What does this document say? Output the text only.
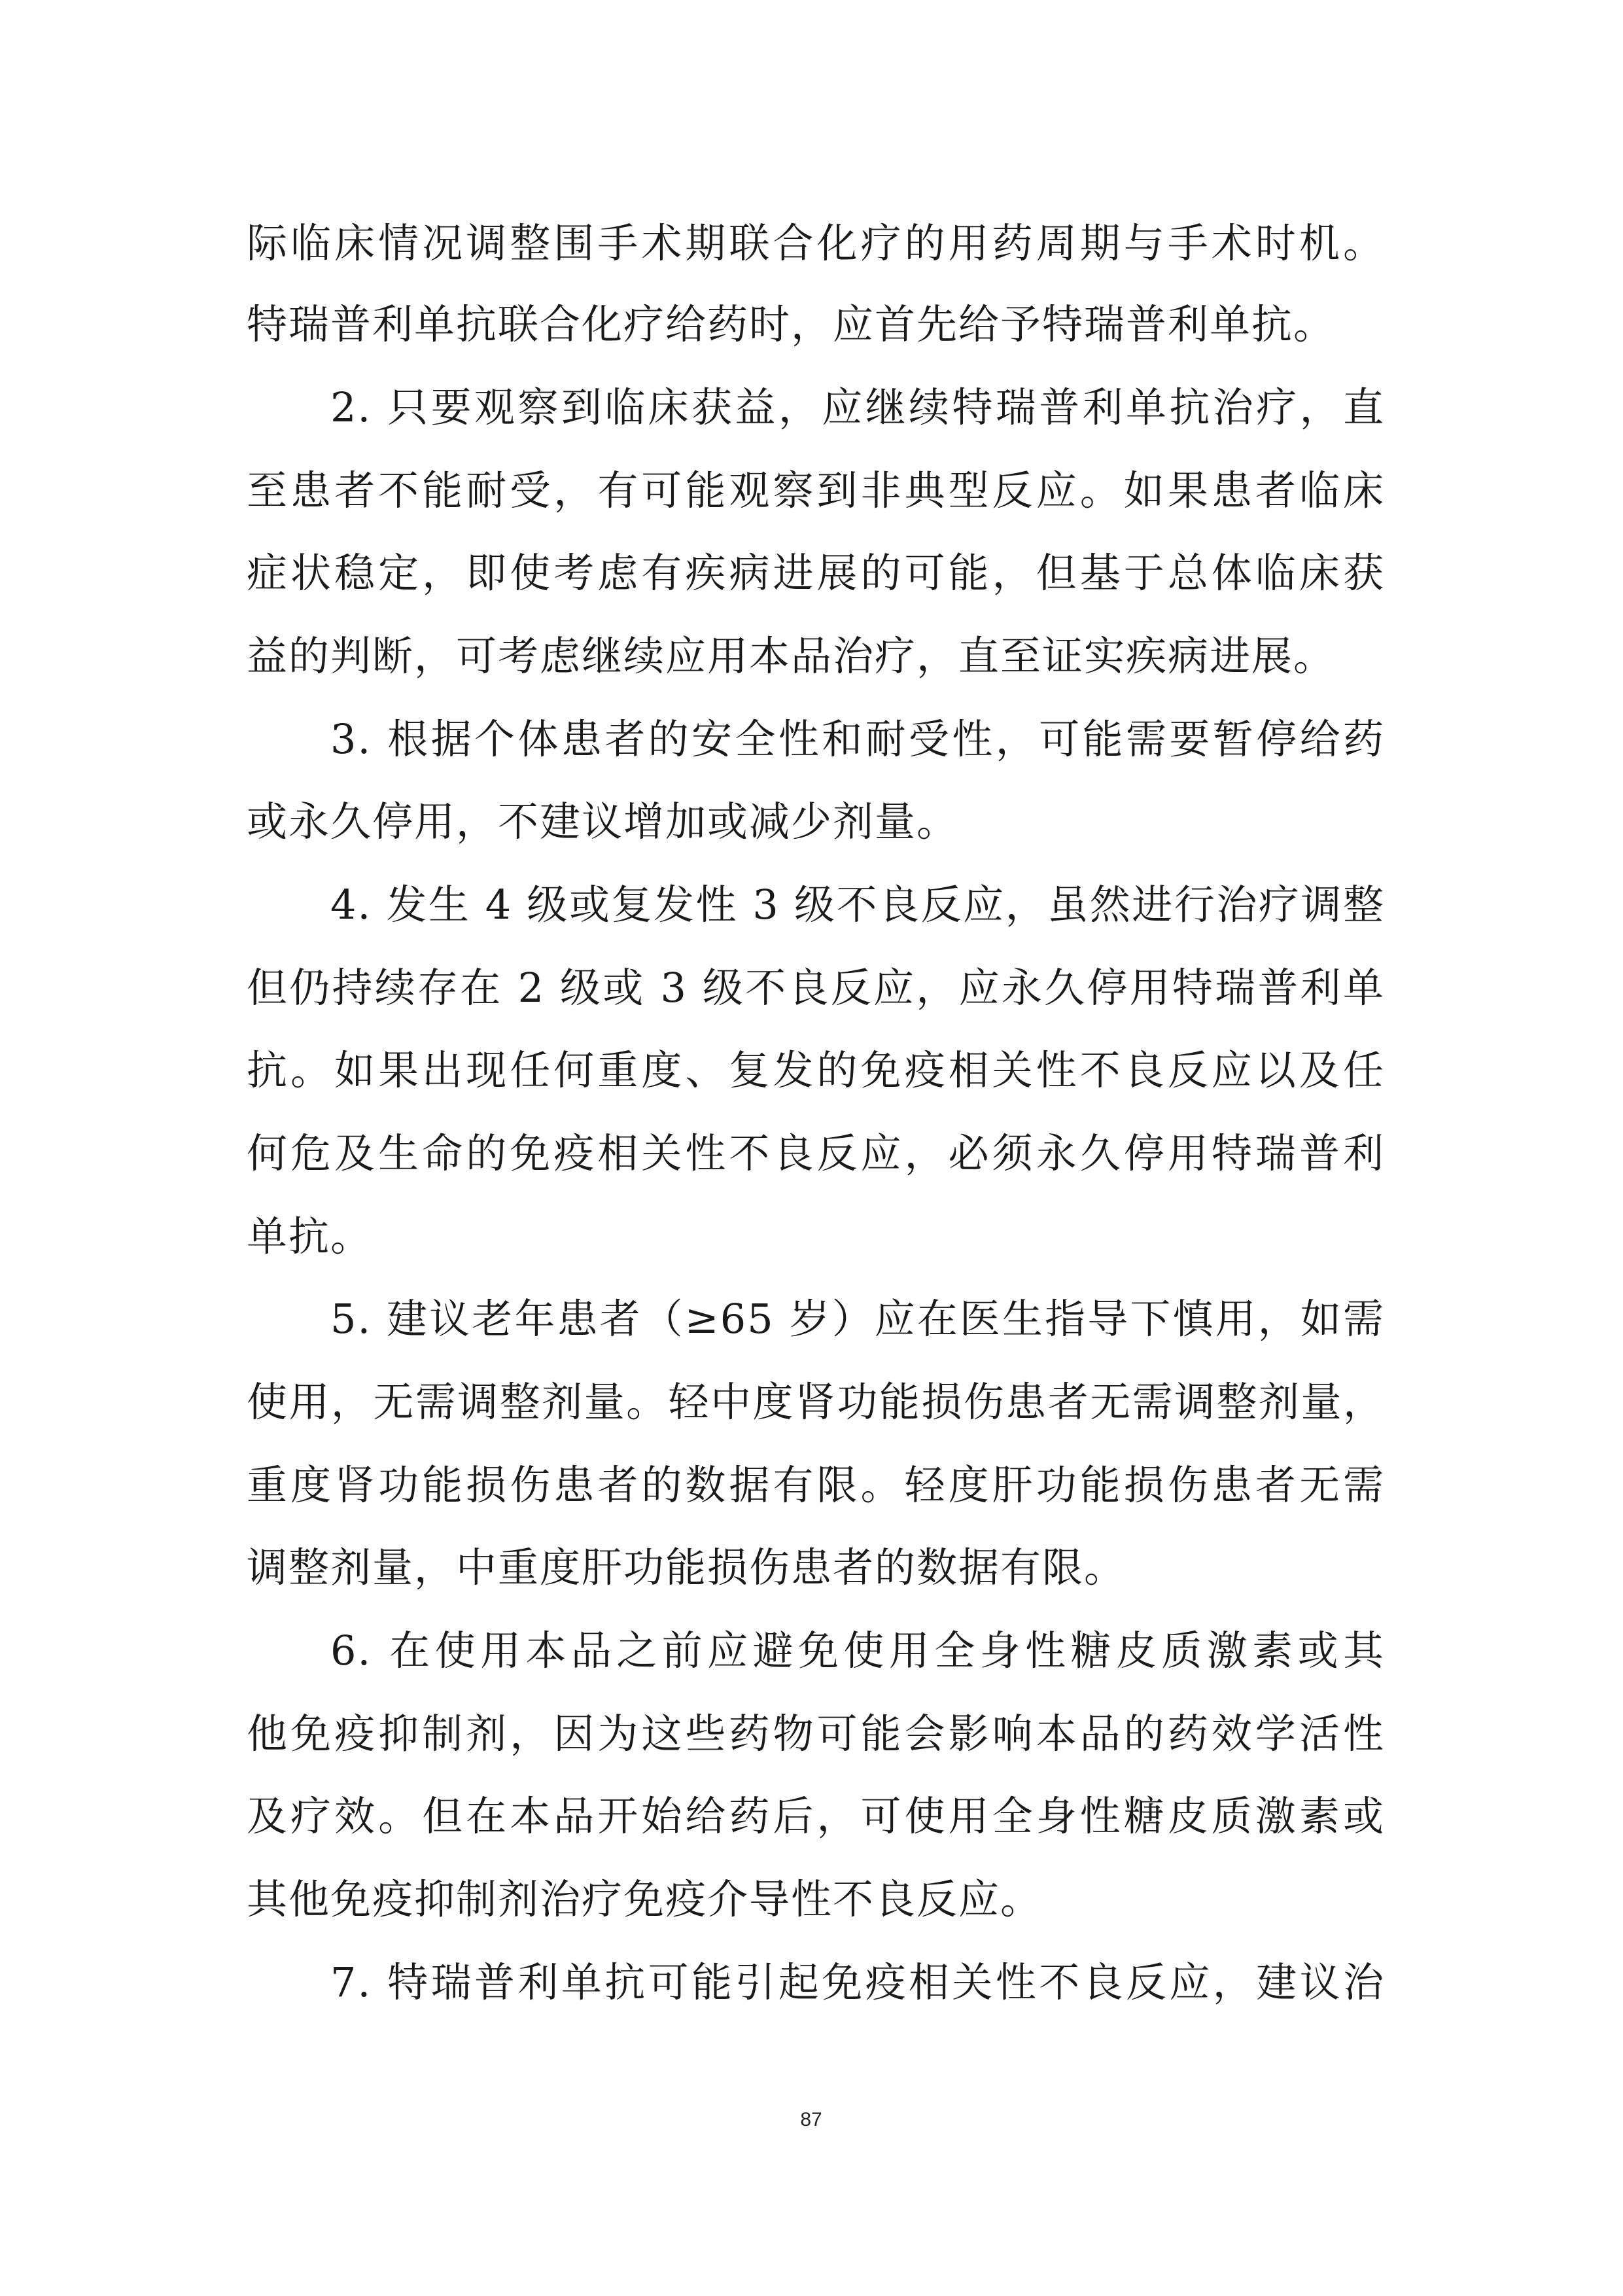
际临床情况调整围手术期联合化疗的用药周期与手术时机。
特瑞普利单抗联合化疗给药时，应首先给予特瑞普利单抗。
2. 只要观察到临床获益，应继续特瑞普利单抗治疗，直
至患者不能耐受，有可能观察到非典型反应。如果患者临床
症状稳定，即使考虑有疾病进展的可能，但基于总体临床获
益的判断，可考虑继续应用本品治疗，直至证实疾病进展。
3. 根据个体患者的安全性和耐受性，可能需要暂停给药
或永久停用，不建议增加或减少剂量。
4. 发生 4 级或复发性 3 级不良反应，虽然进行治疗调整
但仍持续存在 2 级或 3 级不良反应，应永久停用特瑞普利单
抗。如果出现任何重度、复发的免疫相关性不良反应以及任
何危及生命的免疫相关性不良反应，必须永久停用特瑞普利
单抗。
5. 建议老年患者（≥65 岁）应在医生指导下慎用，如需
使用，无需调整剂量。轻中度肾功能损伤患者无需调整剂量，
重度肾功能损伤患者的数据有限。轻度肝功能损伤患者无需
调整剂量，中重度肝功能损伤患者的数据有限。
6. 在使用本品之前应避免使用全身性糖皮质激素或其
他免疫抑制剂，因为这些药物可能会影响本品的药效学活性
及疗效。但在本品开始给药后，可使用全身性糖皮质激素或
其他免疫抑制剂治疗免疫介导性不良反应。
7. 特瑞普利单抗可能引起免疫相关性不良反应，建议治
87
